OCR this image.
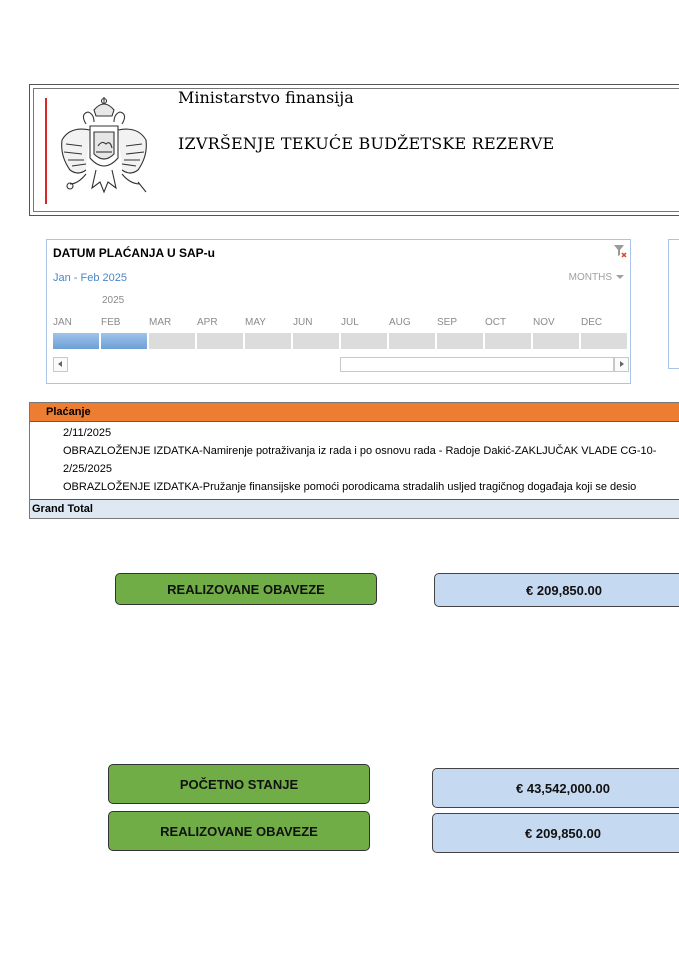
Ministarstvo finansija
IZVRŠENJE TEKUĆE BUDŽETSKE REZERVE
DATUM PLAĆANJA U SAP-u
Jan - Feb 2025	MONTHS
2025
JAN	FEB	MAR	APR	MAY	JUN	JUL	AUG	SEP	OCT	NOV	DEC
Plaćanje
2/11/2025
OBRAZLOŽENJE IZDATKA-Namirenje potraživanja iz rada i po osnovu rada - Radoje Dakić-ZAKLJUČAK VLADE CG-10-
2/25/2025
OBRAZLOŽENJE IZDATKA-Pružanje finansijske pomoći porodicama stradalih usljed tragičnog događaja koji se desio
Grand Total
REALIZOVANE OBAVEZE	€ 209,850.00
POČETNO STANJE	€ 43,542,000.00
REALIZOVANE OBAVEZE	€ 209,850.00
